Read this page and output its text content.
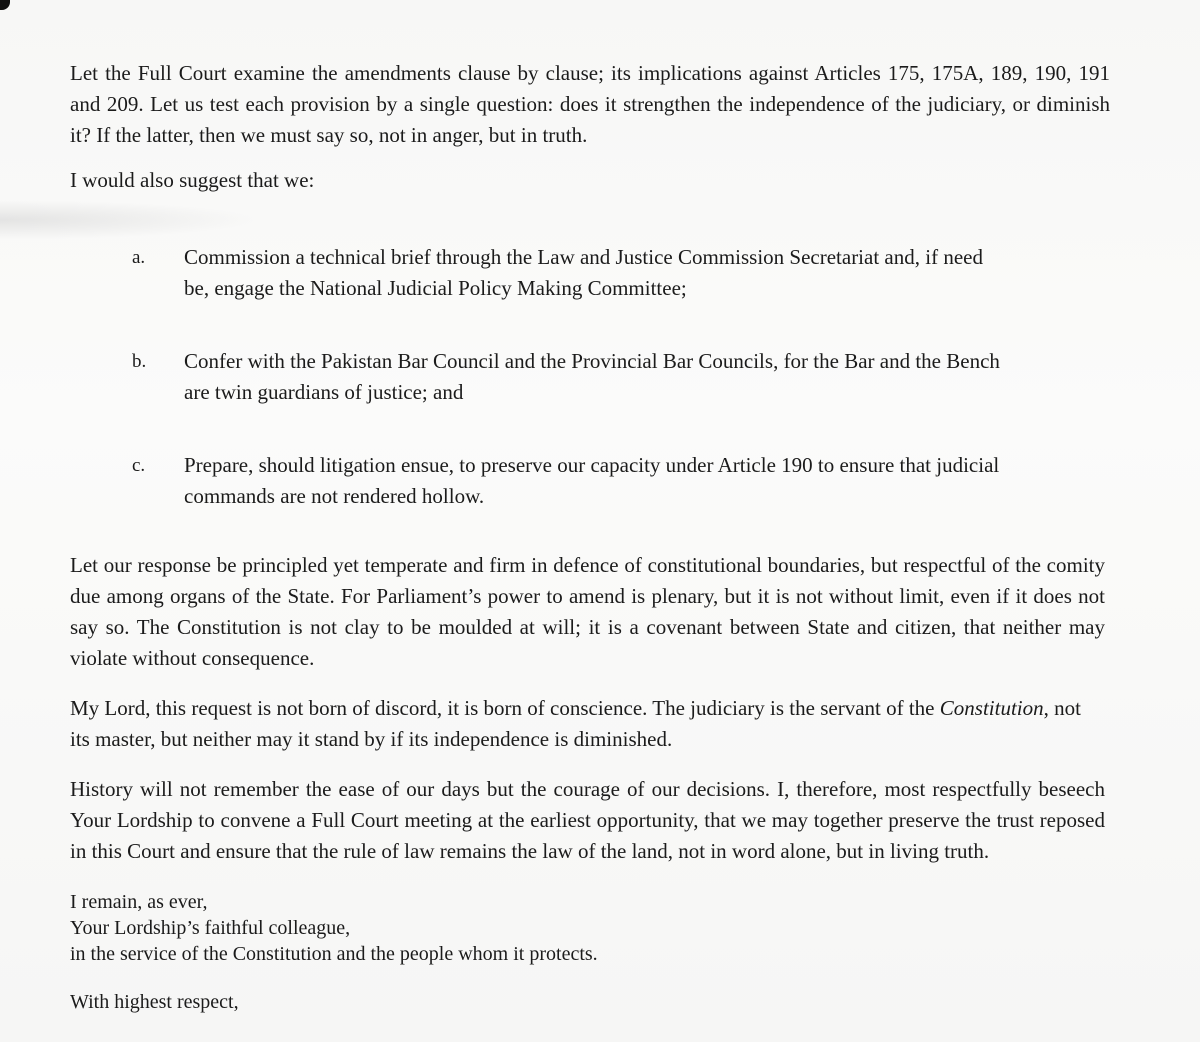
Let the Full Court examine the amendments clause by clause; its implications against Articles 175, 175A, 189, 190, 191 and 209. Let us test each provision by a single question: does it strengthen the independence of the judiciary, or diminish it? If the latter, then we must say so, not in anger, but in truth.

I would also suggest that we:

a. Commission a technical brief through the Law and Justice Commission Secretariat and, if need be, engage the National Judicial Policy Making Committee;
b. Confer with the Pakistan Bar Council and the Provincial Bar Councils, for the Bar and the Bench are twin guardians of justice; and
c. Prepare, should litigation ensue, to preserve our capacity under Article 190 to ensure that judicial commands are not rendered hollow.

Let our response be principled yet temperate and firm in defence of constitutional boundaries, but respectful of the comity due among organs of the State. For Parliament’s power to amend is plenary, but it is not without limit, even if it does not say so. The Constitution is not clay to be moulded at will; it is a covenant between State and citizen, that neither may violate without consequence.

My Lord, this request is not born of discord, it is born of conscience. The judiciary is the servant of the Constitution, not its master, but neither may it stand by if its independence is diminished.

History will not remember the ease of our days but the courage of our decisions. I, therefore, most respectfully beseech Your Lordship to convene a Full Court meeting at the earliest opportunity, that we may together preserve the trust reposed in this Court and ensure that the rule of law remains the law of the land, not in word alone, but in living truth.

I remain, as ever,
Your Lordship’s faithful colleague,
in the service of the Constitution and the people whom it protects.

With highest respect,
